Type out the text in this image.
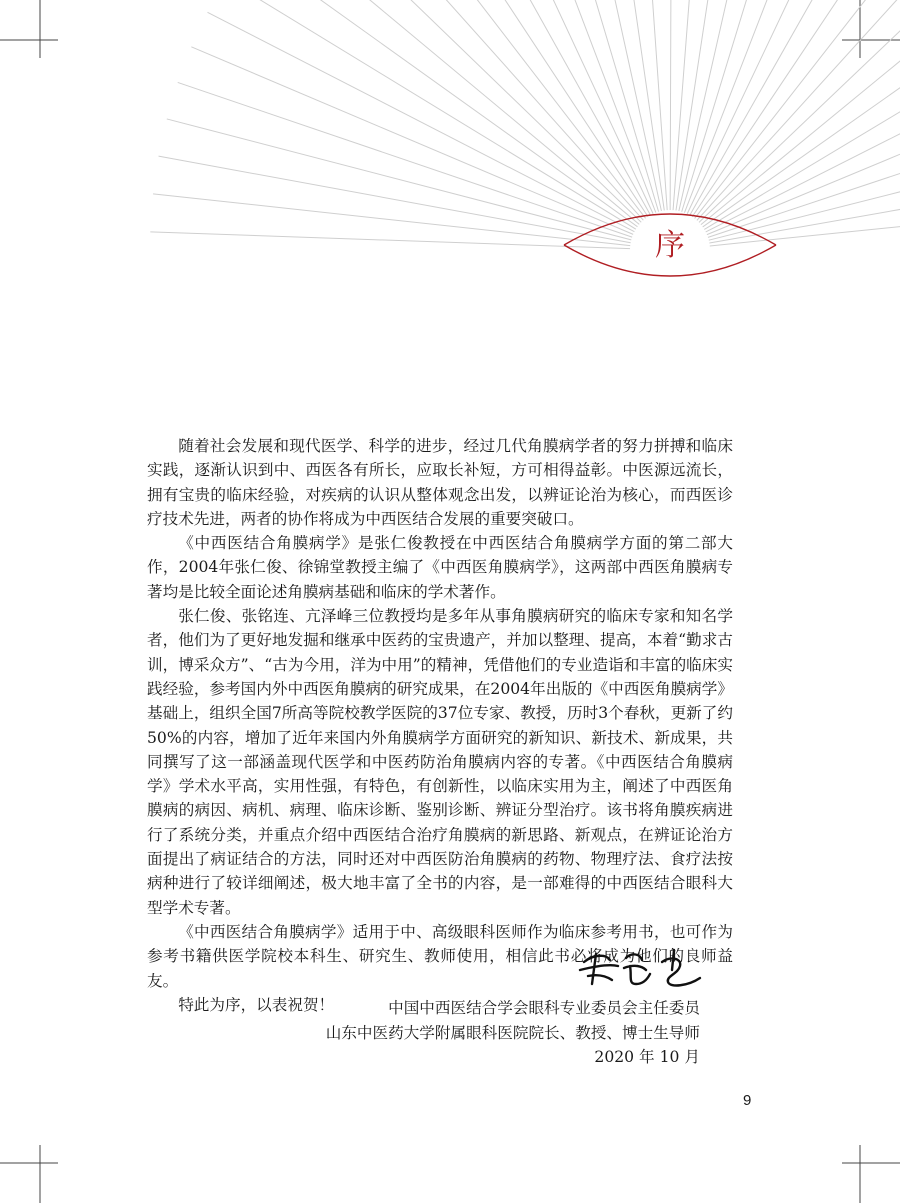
序

随着社会发展和现代医学、科学的进步，经过几代角膜病学者的努力拼搏和临床实践，逐渐认识到中、西医各有所长，应取长补短，方可相得益彰。中医源远流长，拥有宝贵的临床经验，对疾病的认识从整体观念出发，以辨证论治为核心，而西医诊疗技术先进，两者的协作将成为中西医结合发展的重要突破口。

《中西医结合角膜病学》是张仁俊教授在中西医结合角膜病学方面的第二部大作，2004年张仁俊、徐锦堂教授主编了《中西医角膜病学》，这两部中西医角膜病专著均是比较全面论述角膜病基础和临床的学术著作。

张仁俊、张铭连、亢泽峰三位教授均是多年从事角膜病研究的临床专家和知名学者，他们为了更好地发掘和继承中医药的宝贵遗产，并加以整理、提高，本着“勤求古训，博采众方”、“古为今用，洋为中用”的精神，凭借他们的专业造诣和丰富的临床实践经验，参考国内外中西医角膜病的研究成果，在2004年出版的《中西医角膜病学》基础上，组织全国7所高等院校教学医院的37位专家、教授，历时3个春秋，更新了约50%的内容，增加了近年来国内外角膜病学方面研究的新知识、新技术、新成果，共同撰写了这一部涵盖现代医学和中医药防治角膜病内容的专著。《中西医结合角膜病学》学术水平高，实用性强，有特色，有创新性，以临床实用为主，阐述了中西医角膜病的病因、病机、病理、临床诊断、鉴别诊断、辨证分型治疗。该书将角膜疾病进行了系统分类，并重点介绍中西医结合治疗角膜病的新思路、新观点，在辨证论治方面提出了病证结合的方法，同时还对中西医防治角膜病的药物、物理疗法、食疗法按病种进行了较详细阐述，极大地丰富了全书的内容，是一部难得的中西医结合眼科大型学术专著。

《中西医结合角膜病学》适用于中、高级眼科医师作为临床参考用书，也可作为参考书籍供医学院校本科生、研究生、教师使用，相信此书必将成为他们的良师益友。

特此为序，以表祝贺！	中国中西医结合学会眼科专业委员会主任委员
山东中医药大学附属眼科医院院长、教授、博士生导师
2020 年 10 月
9
